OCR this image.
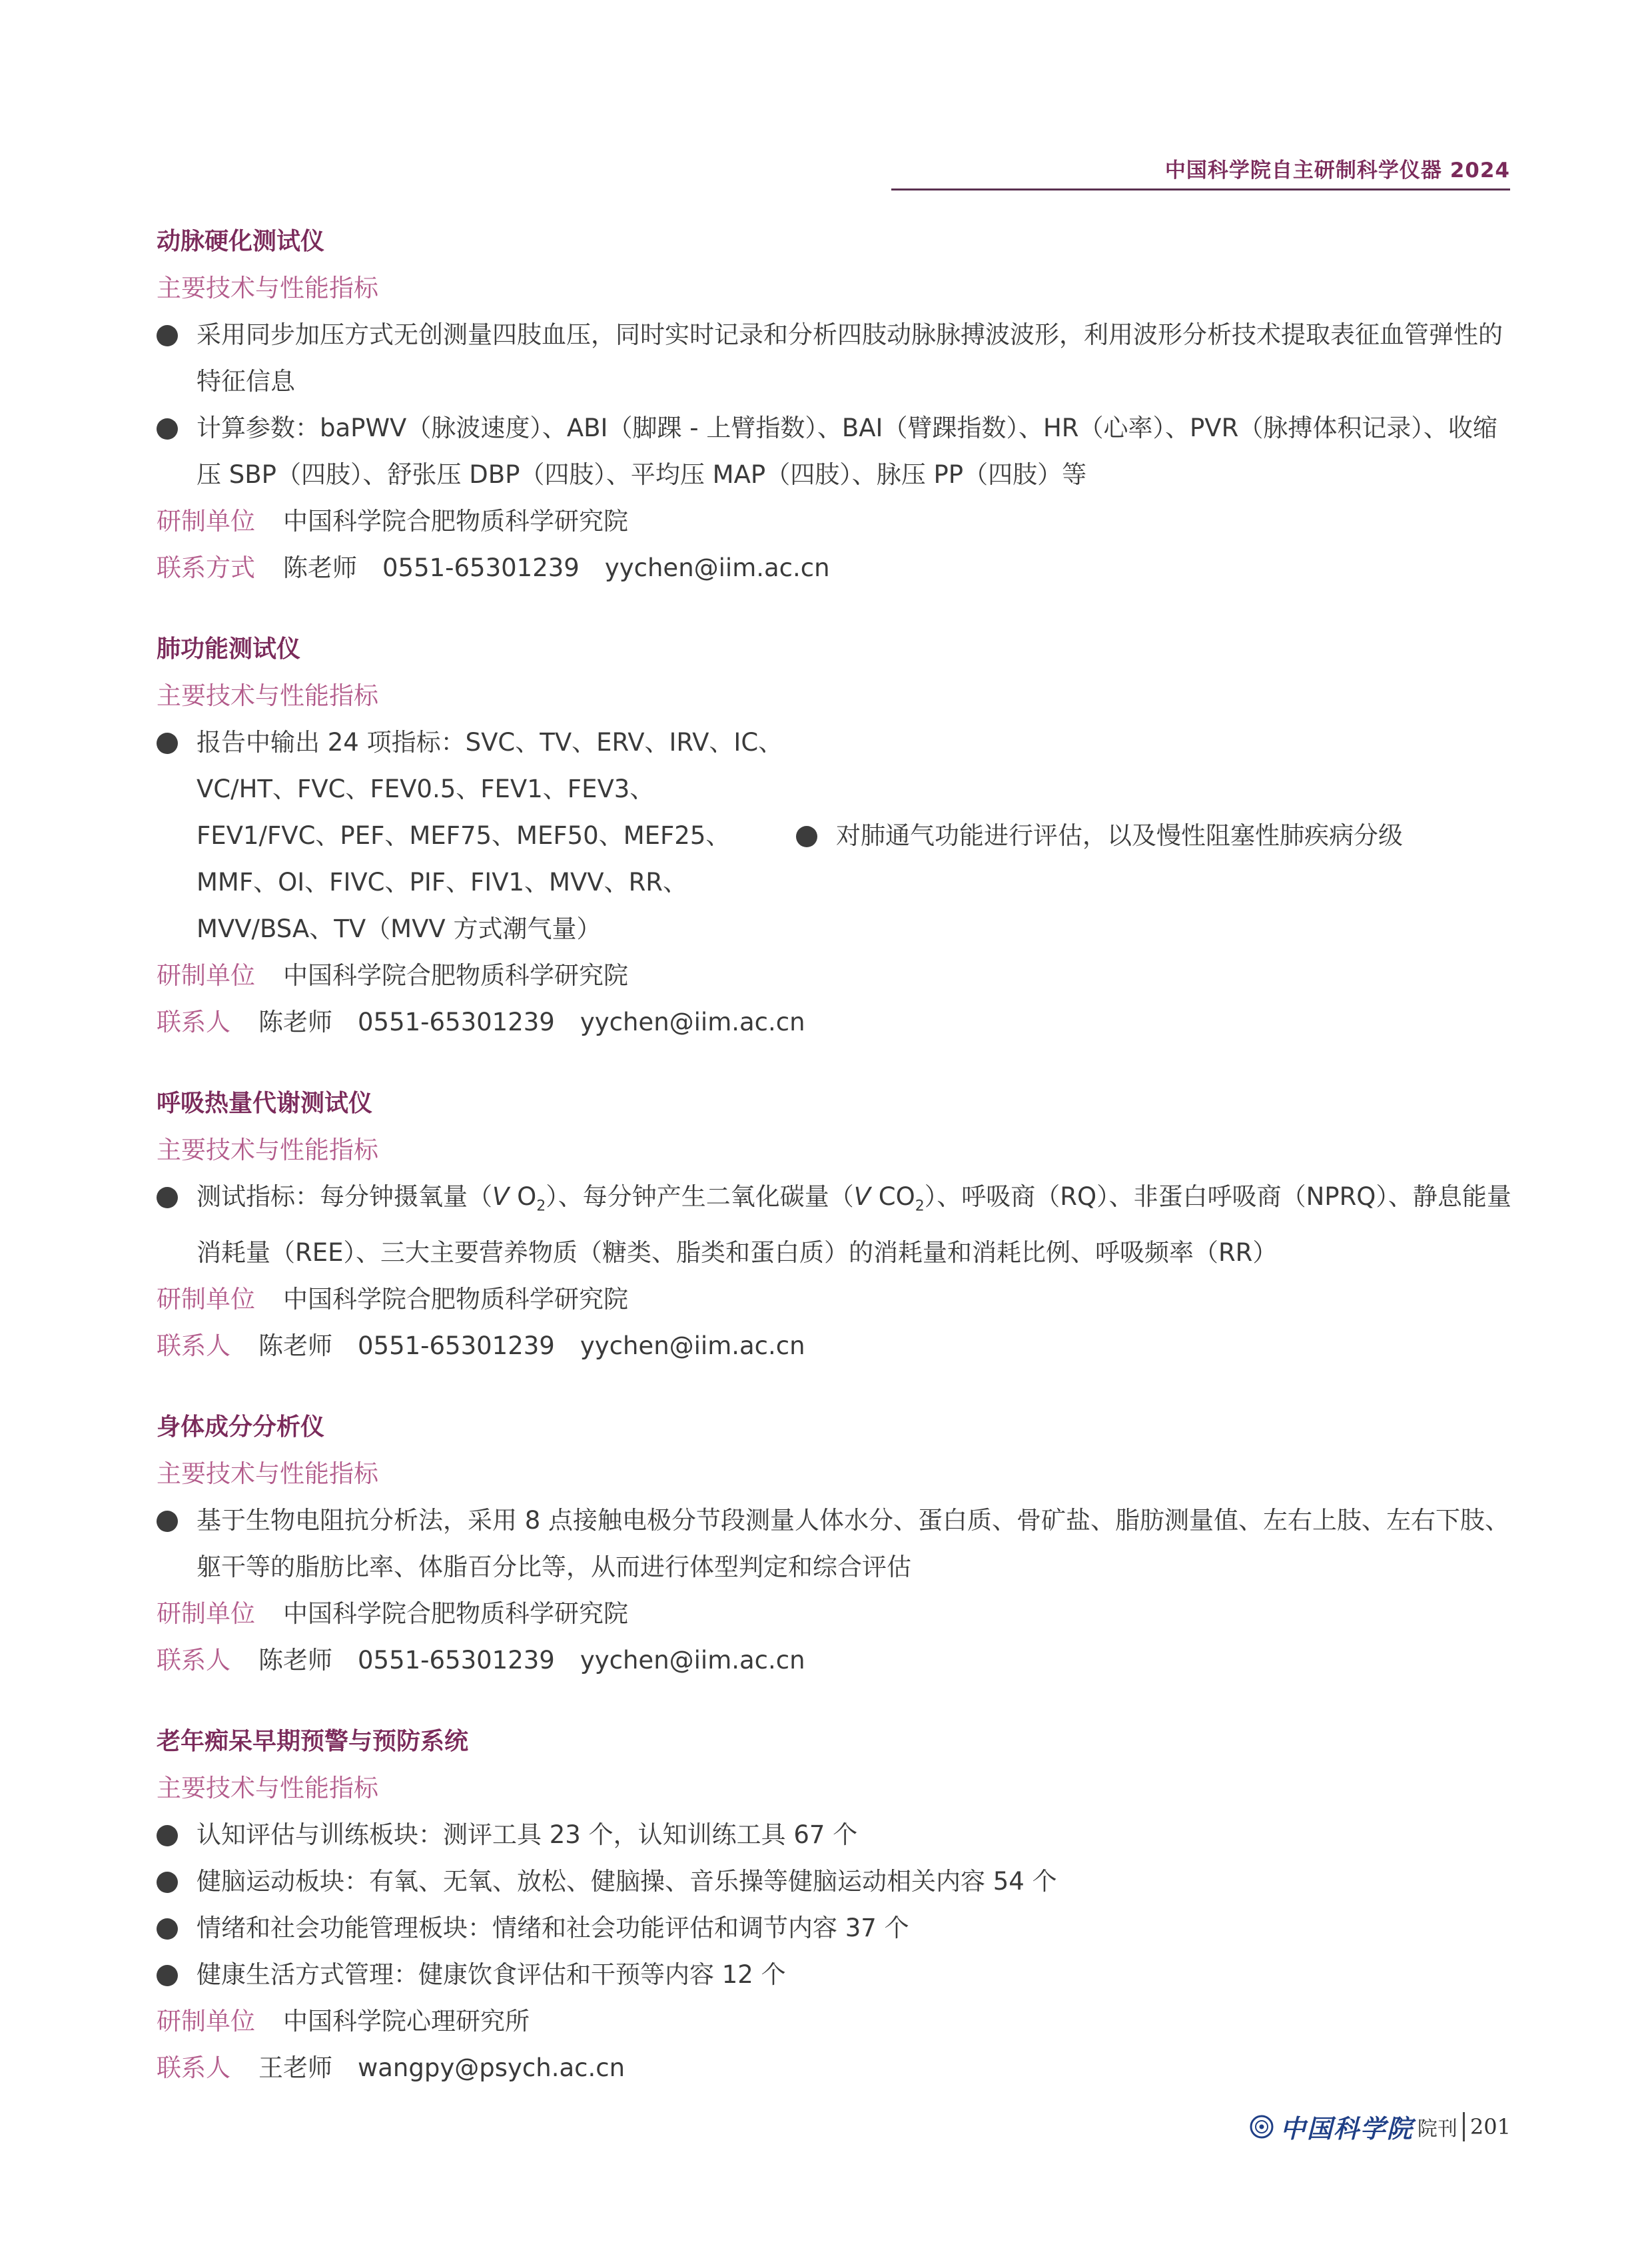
中国科学院自主研制科学仪器 2024
动脉硬化测试仪
主要技术与性能指标
采用同步加压方式无创测量四肢血压，同时实时记录和分析四肢动脉脉搏波波形，利用波形分析技术提取表征血管弹性的特征信息
计算参数：baPWV（脉波速度）、ABI（脚踝 - 上臂指数）、BAI（臂踝指数）、HR（心率）、PVR（脉搏体积记录）、收缩压 SBP（四肢）、舒张压 DBP（四肢）、平均压 MAP（四肢）、脉压 PP（四肢）等
研制单位 中国科学院合肥物质科学研究院
联系方式 陈老师 0551-65301239 yychen@iim.ac.cn
肺功能测试仪
主要技术与性能指标
报告中输出 24 项指标：SVC、TV、ERV、IRV、IC、VC/HT、FVC、FEV0.5、FEV1、FEV3、FEV1/FVC、PEF、MEF75、MEF50、MEF25、MMF、OI、FIVC、PIF、FIV1、MVV、RR、MVV/BSA、TV（MVV 方式潮气量）
对肺通气功能进行评估，以及慢性阻塞性肺疾病分级
研制单位 中国科学院合肥物质科学研究院
联系人 陈老师 0551-65301239 yychen@iim.ac.cn
呼吸热量代谢测试仪
主要技术与性能指标
测试指标：每分钟摄氧量（V $O_2$）、每分钟产生二氧化碳量（V $CO_2$）、呼吸商（RQ）、非蛋白呼吸商（NPRQ）、静息能量消耗量（REE）、三大主要营养物质（糖类、脂类和蛋白质）的消耗量和消耗比例、呼吸频率（RR）
研制单位 中国科学院合肥物质科学研究院
联系人 陈老师 0551-65301239 yychen@iim.ac.cn
身体成分分析仪
主要技术与性能指标
基于生物电阻抗分析法，采用 8 点接触电极分节段测量人体水分、蛋白质、骨矿盐、脂肪测量值、左右上肢、左右下肢、躯干等的脂肪比率、体脂百分比等，从而进行体型判定和综合评估
研制单位 中国科学院合肥物质科学研究院
联系人 陈老师 0551-65301239 yychen@iim.ac.cn
老年痴呆早期预警与预防系统
主要技术与性能指标
认知评估与训练板块：测评工具 23 个，认知训练工具 67 个
健脑运动板块：有氧、无氧、放松、健脑操、音乐操等健脑运动相关内容 54 个
情绪和社会功能管理板块：情绪和社会功能评估和调节内容 37 个
健康生活方式管理：健康饮食评估和干预等内容 12 个
研制单位 中国科学院心理研究所
联系人 王老师 wangpy@psych.ac.cn
中国科学院 院刊 201
